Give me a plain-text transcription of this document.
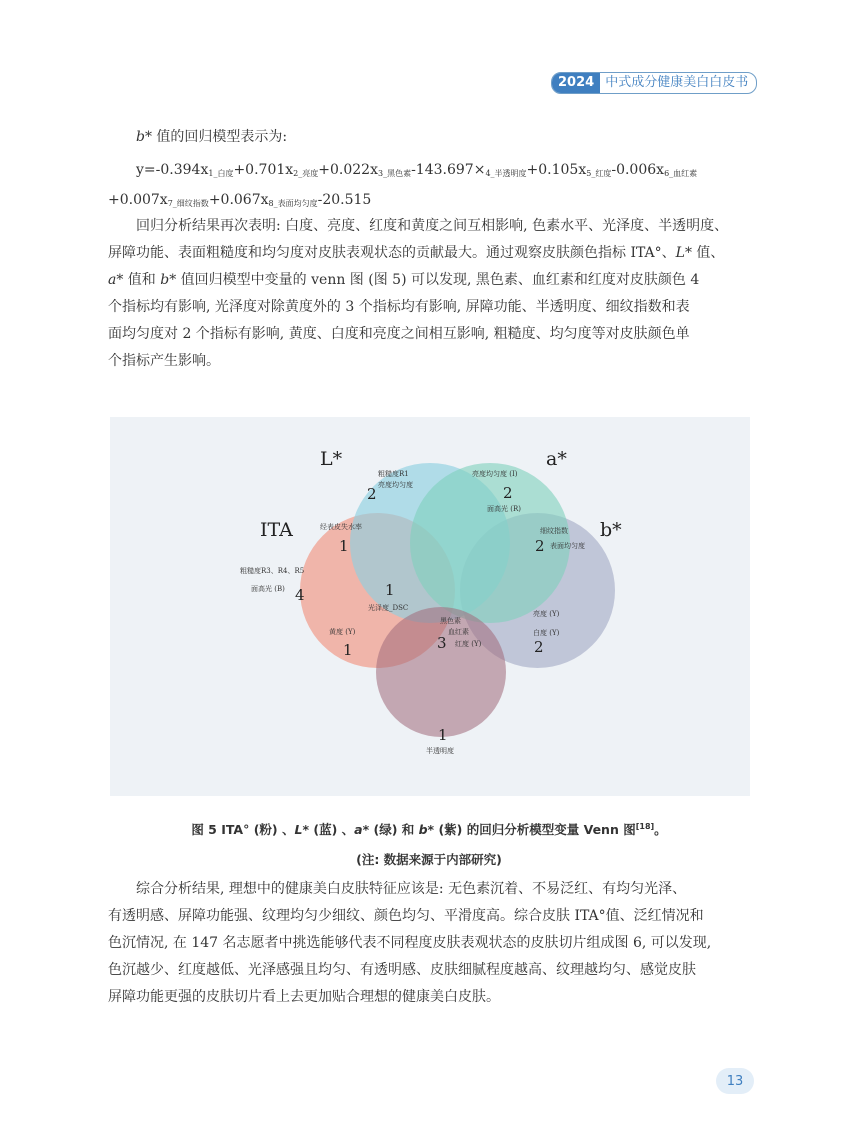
2024 中式成分健康美白白皮书
b* 值的回归模型表示为:
$y=-0.394x_{1\_白度}+0.701x_{2\_亮度}+0.022x_{3\_黑色素}-143.697\times_{4\_半透明度}+0.105x_{5\_红度}-0.006x_{6\_血红素}$
$+0.007x_{7\_细纹指数}+0.067x_{8\_表面均匀度}-20.515$
回归分析结果再次表明: 白度、亮度、红度和黄度之间互相影响, 色素水平、光泽度、半透明度、
屏障功能、表面粗糙度和均匀度对皮肤表观状态的贡献最大。通过观察皮肤颜色指标 ITA°、L* 值、
a* 值和 b* 值回归模型中变量的 venn 图 (图 5) 可以发现, 黑色素、血红素和红度对皮肤颜色 4
个指标均有影响, 光泽度对除黄度外的 3 个指标均有影响, 屏障功能、半透明度、细纹指数和表
面均匀度对 2 个指标有影响, 黄度、白度和亮度之间相互影响, 粗糙度、均匀度等对皮肤颜色单
个指标产生影响。
L*	a*
ITA	b*
粗糙度R1
亮度均匀度
2
亮度均匀度 (I)
2
面高光 (R)
经表皮失水率
1
细纹指数
2 表面均匀度
粗糙度R3、R4、R5
面高光 (B) 4	1
光泽度_DSC
黄度 (Y)
1
黑色素
血红素
3 红度 (Y)
亮度 (Y)
白度 (Y)
2
1
半透明度
图 5 ITA° (粉) 、L* (蓝) 、a* (绿) 和 b* (紫) 的回归分析模型变量 Venn 图[18]。
(注: 数据来源于内部研究)
综合分析结果, 理想中的健康美白皮肤特征应该是: 无色素沉着、不易泛红、有均匀光泽、
有透明感、屏障功能强、纹理均匀少细纹、颜色均匀、平滑度高。综合皮肤 ITA°值、泛红情况和
色沉情况, 在 147 名志愿者中挑选能够代表不同程度皮肤表观状态的皮肤切片组成图 6, 可以发现,
色沉越少、红度越低、光泽感强且均匀、有透明感、皮肤细腻程度越高、纹理越均匀、感觉皮肤
屏障功能更强的皮肤切片看上去更加贴合理想的健康美白皮肤。
13
